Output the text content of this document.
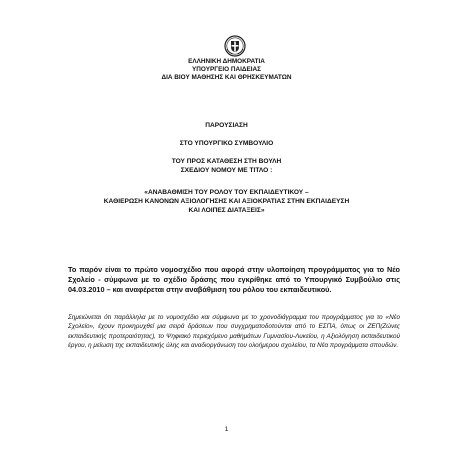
ΕΛΛΗΝΙΚΗ ΔΗΜΟΚΡΑΤΙΑ
ΥΠΟΥΡΓΕΙΟ ΠΑΙΔΕΙΑΣ
ΔΙΑ ΒΙΟΥ ΜΑΘΗΣΗΣ ΚΑΙ ΘΡΗΣΚΕΥΜΑΤΩΝ
ΠΑΡΟΥΣΙΑΣΗ
ΣΤΟ ΥΠΟΥΡΓΙΚΟ ΣΥΜΒΟΥΛΙΟ
ΤΟΥ ΠΡΟΣ ΚΑΤΑΘΕΣΗ ΣΤΗ ΒΟΥΛΗ
ΣΧΕΔΙΟΥ ΝΟΜΟΥ ΜΕ ΤΙΤΛΟ :
«ΑΝΑΒΑΘΜΙΣΗ ΤΟΥ ΡΟΛΟΥ ΤΟΥ ΕΚΠΑΙΔΕΥΤΙΚΟΥ –
ΚΑΘΙΕΡΩΣΗ ΚΑΝΟΝΩΝ ΑΞΙΟΛΟΓΗΣΗΣ ΚΑΙ ΑΞΙΟΚΡΑΤΙΑΣ ΣΤΗΝ ΕΚΠΑΙΔΕΥΣΗ
ΚΑΙ ΛΟΙΠΕΣ ΔΙΑΤΑΞΕΙΣ»
Το παρόν είναι το πρώτο νομοσχέδιο που αφορά στην υλοποίηση προγράμματος για το Νέο Σχολείο - σύμφωνα με το σχέδιο δράσης που εγκρίθηκε από το Υπουργικό Συμβούλιο στις 04.03.2010 – και αναφέρεται στην αναβάθμιση του ρόλου του εκπαιδευτικού.
Σημειώνεται ότι παράλληλα με το νομοσχέδιο και σύμφωνα με το χρονοδιάγραμμα του προγράμματος για το «Νέο Σχολείο», έχουν προκηρυχθεί μια σειρά δράσεων που συγχρηματοδοτούνται από το ΕΣΠΑ, όπως οι ΖΕΠ(Ζώνες εκπαιδευτικής προτεραιότητας), το Ψηφιακό περιεχόμενο μαθημάτων Γυμνασίου-Λυκείου, η Αξιολόγηση εκπαιδευτικού έργου, η μείωση της εκπαιδευτικής ύλης και αναδιοργάνωση του ολοήμερου σχολείου, τα Νέα προγράμματα σπουδών.
1
